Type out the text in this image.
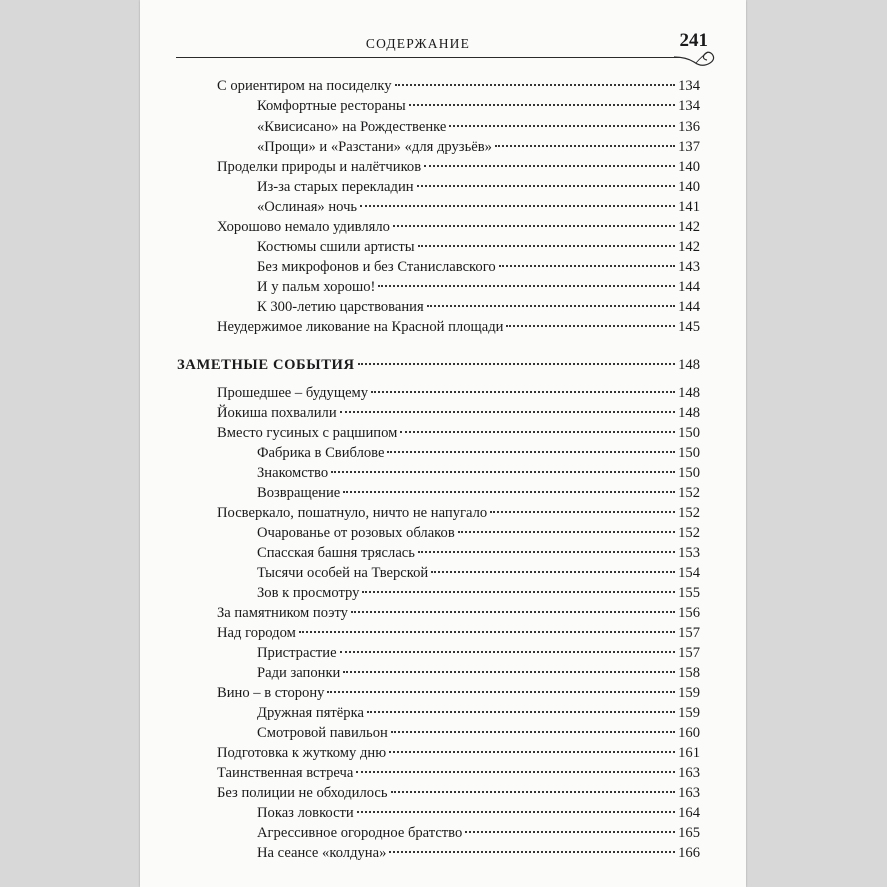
СОДЕРЖАНИЕ	241
С ориентиром на посиделку	134
Комфортные рестораны	134
«Квисисано» на Рождественке	136
«Прощи» и «Разстани» «для друзьёв»	137
Проделки природы и налётчиков	140
Из-за старых перекладин	140
«Ослиная» ночь	141
Хорошово немало удивляло	142
Костюмы сшили артисты	142
Без микрофонов и без Станиславского	143
И у пальм хорошо!	144
К 300-летию царствования	144
Неудержимое ликование на Красной площади	145
ЗАМЕТНЫЕ СОБЫТИЯ	148
Прошедшее – будущему	148
Йокиша похвалили	148
Вместо гусиных с рацшипом	150
Фабрика в Свиблове	150
Знакомство	150
Возвращение	152
Посверкало, пошатнуло, ничто не напугало	152
Очарованье от розовых облаков	152
Спасская башня тряслась	153
Тысячи особей на Тверской	154
Зов к просмотру	155
За памятником поэту	156
Над городом	157
Пристрастие	157
Ради запонки	158
Вино – в сторону	159
Дружная пятёрка	159
Смотровой павильон	160
Подготовка к жуткому дню	161
Таинственная встреча	163
Без полиции не обходилось	163
Показ ловкости	164
Агрессивное огородное братство	165
На сеансе «колдуна»	166
